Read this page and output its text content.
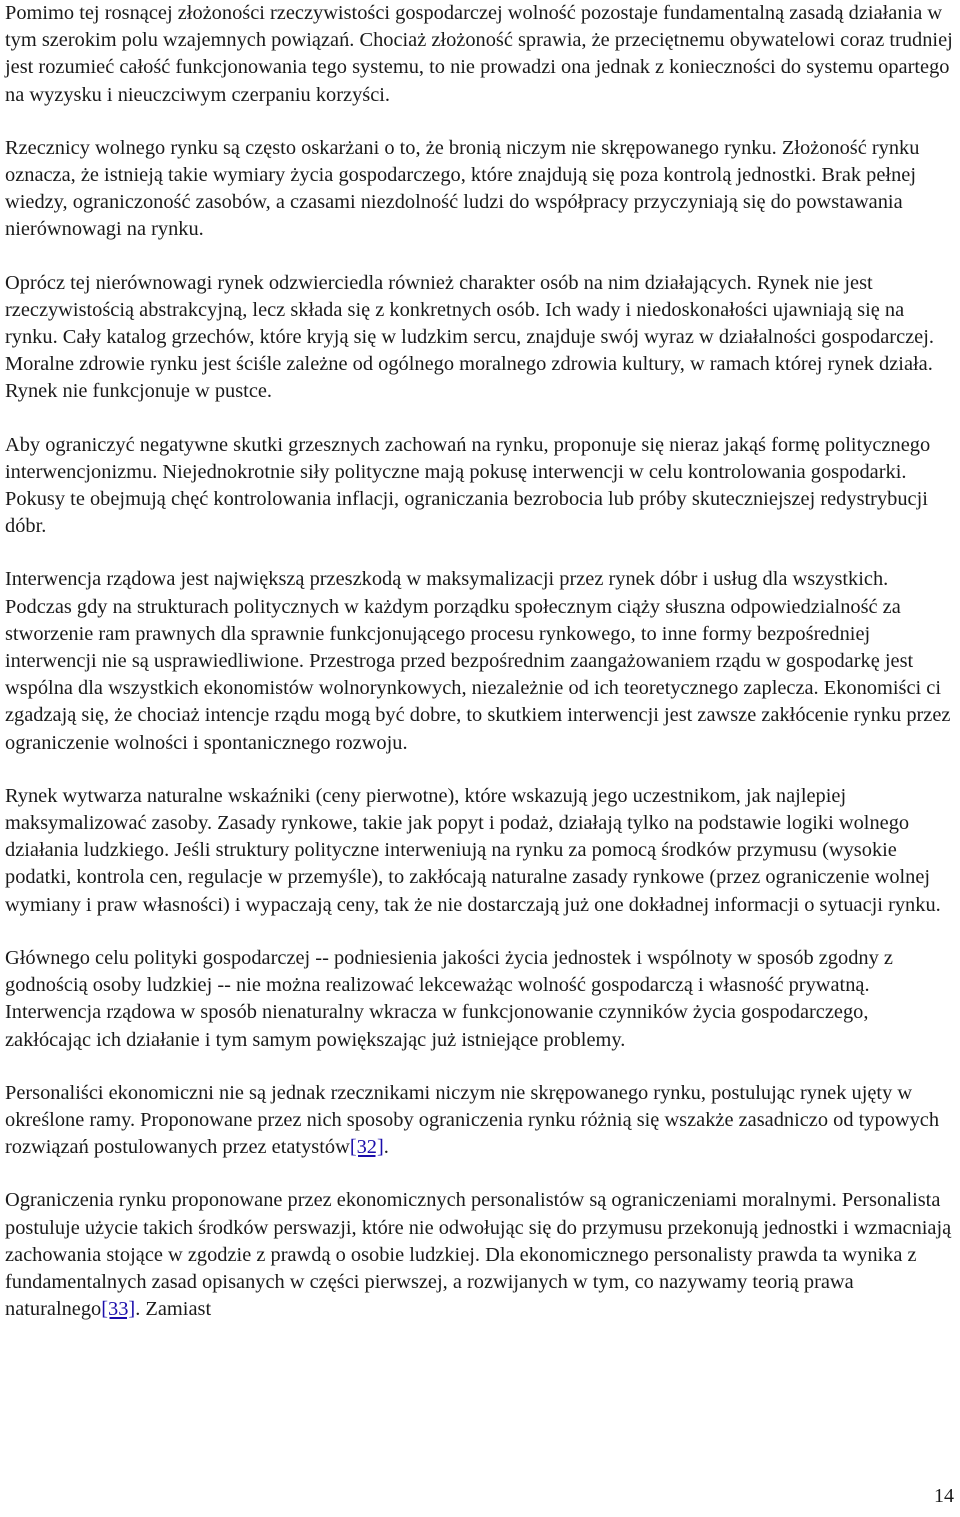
Pomimo tej rosnącej złożoności rzeczywistości gospodarczej wolność pozostaje fundamentalną zasadą działania w tym szerokim polu wzajemnych powiązań. Chociaż złożoność sprawia, że przeciętnemu obywatelowi coraz trudniej jest rozumieć całość funkcjonowania tego systemu, to nie prowadzi ona jednak z konieczności do systemu opartego na wyzysku i nieuczciwym czerpaniu korzyści.

Rzecznicy wolnego rynku są często oskarżani o to, że bronią niczym nie skrępowanego rynku. Złożoność rynku oznacza, że istnieją takie wymiary życia gospodarczego, które znajdują się poza kontrolą jednostki. Brak pełnej wiedzy, ograniczoność zasobów, a czasami niezdolność ludzi do współpracy przyczyniają się do powstawania nierównowagi na rynku.

Oprócz tej nierównowagi rynek odzwierciedla również charakter osób na nim działających. Rynek nie jest rzeczywistością abstrakcyjną, lecz składa się z konkretnych osób. Ich wady i niedoskonałości ujawniają się na rynku. Cały katalog grzechów, które kryją się w ludzkim sercu, znajduje swój wyraz w działalności gospodarczej. Moralne zdrowie rynku jest ściśle zależne od ogólnego moralnego zdrowia kultury, w ramach której rynek działa. Rynek nie funkcjonuje w pustce.

Aby ograniczyć negatywne skutki grzesznych zachowań na rynku, proponuje się nieraz jakąś formę politycznego interwencjonizmu. Niejednokrotnie siły polityczne mają pokusę interwencji w celu kontrolowania gospodarki. Pokusy te obejmują chęć kontrolowania inflacji, ograniczania bezrobocia lub próby skuteczniejszej redystrybucji dóbr.

Interwencja rządowa jest największą przeszkodą w maksymalizacji przez rynek dóbr i usług dla wszystkich. Podczas gdy na strukturach politycznych w każdym porządku społecznym ciąży słuszna odpowiedzialność za stworzenie ram prawnych dla sprawnie funkcjonującego procesu rynkowego, to inne formy bezpośredniej interwencji nie są usprawiedliwione. Przestroga przed bezpośrednim zaangażowaniem rządu w gospodarkę jest wspólna dla wszystkich ekonomistów wolnorynkowych, niezależnie od ich teoretycznego zaplecza. Ekonomiści ci zgadzają się, że chociaż intencje rządu mogą być dobre, to skutkiem interwencji jest zawsze zakłócenie rynku przez ograniczenie wolności i spontanicznego rozwoju.

Rynek wytwarza naturalne wskaźniki (ceny pierwotne), które wskazują jego uczestnikom, jak najlepiej maksymalizować zasoby. Zasady rynkowe, takie jak popyt i podaż, działają tylko na podstawie logiki wolnego działania ludzkiego. Jeśli struktury polityczne interweniują na rynku za pomocą środków przymusu (wysokie podatki, kontrola cen, regulacje w przemyśle), to zakłócają naturalne zasady rynkowe (przez ograniczenie wolnej wymiany i praw własności) i wypaczają ceny, tak że nie dostarczają już one dokładnej informacji o sytuacji rynku.

Głównego celu polityki gospodarczej -- podniesienia jakości życia jednostek i wspólnoty w sposób zgodny z godnością osoby ludzkiej -- nie można realizować lekceważąc wolność gospodarczą i własność prywatną. Interwencja rządowa w sposób nienaturalny wkracza w funkcjonowanie czynników życia gospodarczego, zakłócając ich działanie i tym samym powiększając już istniejące problemy.

Personaliści ekonomiczni nie są jednak rzecznikami niczym nie skrępowanego rynku, postulując rynek ujęty w określone ramy. Proponowane przez nich sposoby ograniczenia rynku różnią się wszakże zasadniczo od typowych rozwiązań postulowanych przez etatystów[32].

Ograniczenia rynku proponowane przez ekonomicznych personalistów są ograniczeniami moralnymi. Personalista postuluje użycie takich środków perswazji, które nie odwołując się do przymusu przekonują jednostki i wzmacniają zachowania stojące w zgodzie z prawdą o osobie ludzkiej. Dla ekonomicznego personalisty prawda ta wynika z fundamentalnych zasad opisanych w części pierwszej, a rozwijanych w tym, co nazywamy teorią prawa naturalnego[33]. Zamiast

14
